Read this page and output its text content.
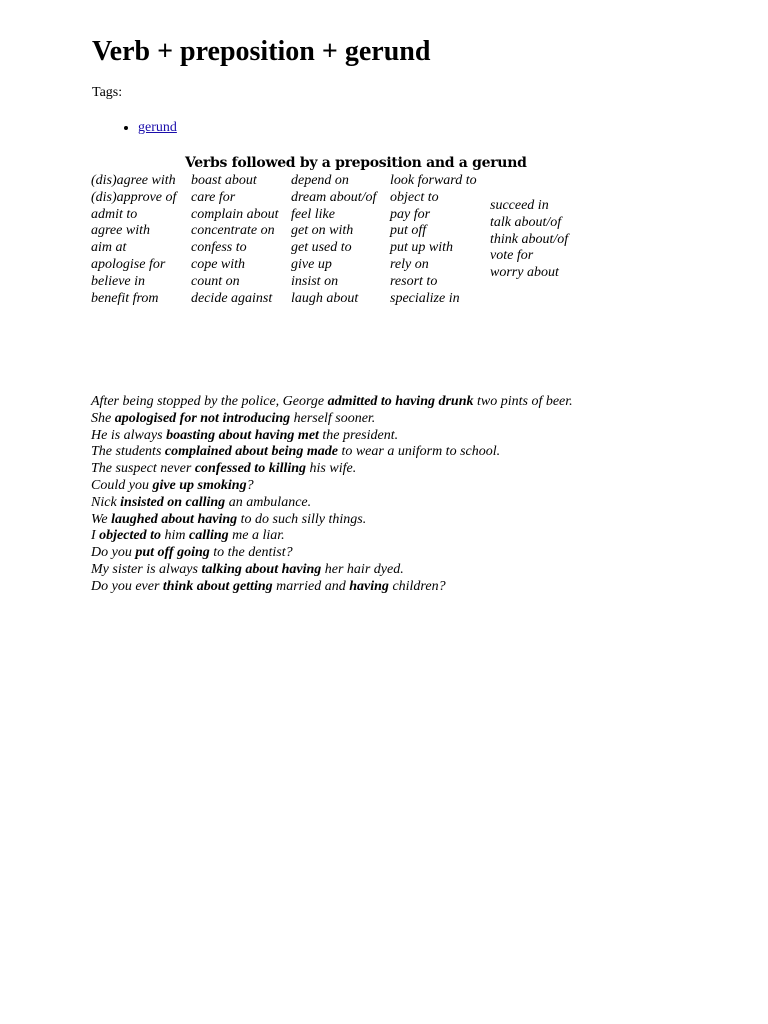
Verb + preposition + gerund
Tags:
• gerund
Verbs followed by a preposition and a gerund
(dis)agree with
(dis)approve of
admit to
agree with
aim at
apologise for
believe in
benefit from
boast about
care for
complain about
concentrate on
confess to
cope with
count on
decide against
depend on
dream about/of
feel like
get on with
get used to
give up
insist on
laugh about
look forward to
object to
pay for
put off
put up with
rely on
resort to
specialize in
succeed in
talk about/of
think about/of
vote for
worry about
After being stopped by the police, George admitted to having drunk two pints of beer.
She apologised for not introducing herself sooner.
He is always boasting about having met the president.
The students complained about being made to wear a uniform to school.
The suspect never confessed to killing his wife.
Could you give up smoking?
Nick insisted on calling an ambulance.
We laughed about having to do such silly things.
I objected to him calling me a liar.
Do you put off going to the dentist?
My sister is always talking about having her hair dyed.
Do you ever think about getting married and having children?
